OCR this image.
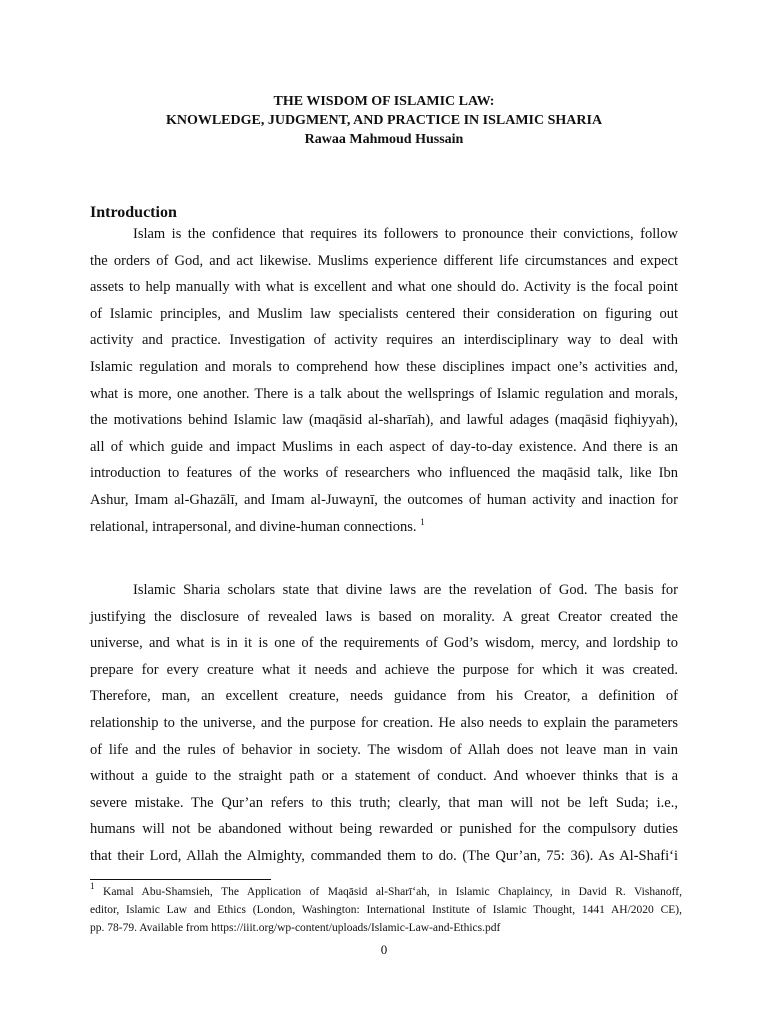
THE WISDOM OF ISLAMIC LAW:
KNOWLEDGE, JUDGMENT, AND PRACTICE IN ISLAMIC SHARIA
Rawaa Mahmoud Hussain
Introduction
Islam is the confidence that requires its followers to pronounce their convictions, follow
the orders of God, and act likewise. Muslims experience different life circumstances and expect
assets to help manually with what is excellent and what one should do. Activity is the focal point
of Islamic principles, and Muslim law specialists centered their consideration on figuring out
activity and practice. Investigation of activity requires an interdisciplinary way to deal with
Islamic regulation and morals to comprehend how these disciplines impact one’s activities and,
what is more, one another. There is a talk about the wellsprings of Islamic regulation and morals,
the motivations behind Islamic law (maqāsid al-sharīah), and lawful adages (maqāsid fiqhiyyah),
all of which guide and impact Muslims in each aspect of day-to-day existence. And there is an
introduction to features of the works of researchers who influenced the maqāsid talk, like Ibn
Ashur, Imam al-Ghazālī, and Imam al-Juwaynī, the outcomes of human activity and inaction for
relational, intrapersonal, and divine-human connections. $^1$
Islamic Sharia scholars state that divine laws are the revelation of God. The basis for
justifying the disclosure of revealed laws is based on morality. A great Creator created the
universe, and what is in it is one of the requirements of God’s wisdom, mercy, and lordship to
prepare for every creature what it needs and achieve the purpose for which it was created.
Therefore, man, an excellent creature, needs guidance from his Creator, a definition of
relationship to the universe, and the purpose for creation. He also needs to explain the parameters
of life and the rules of behavior in society. The wisdom of Allah does not leave man in vain
without a guide to the straight path or a statement of conduct. And whoever thinks that is a
severe mistake. The Qur’an refers to this truth; clearly, that man will not be left Suda; i.e.,
humans will not be abandoned without being rewarded or punished for the compulsory duties
that their Lord, Allah the Almighty, commanded them to do. (The Qur’an, 75: 36). As Al-Shafi‘i
$^1$ Kamal Abu-Shamsieh, The Application of Maqāsid al-Sharī‘ah, in Islamic Chaplaincy, in David R. Vishanoff,
editor, Islamic Law and Ethics (London, Washington: International Institute of Islamic Thought, 1441 AH/2020 CE),
pp. 78-79. Available from https://iiit.org/wp-content/uploads/Islamic-Law-and-Ethics.pdf
0
